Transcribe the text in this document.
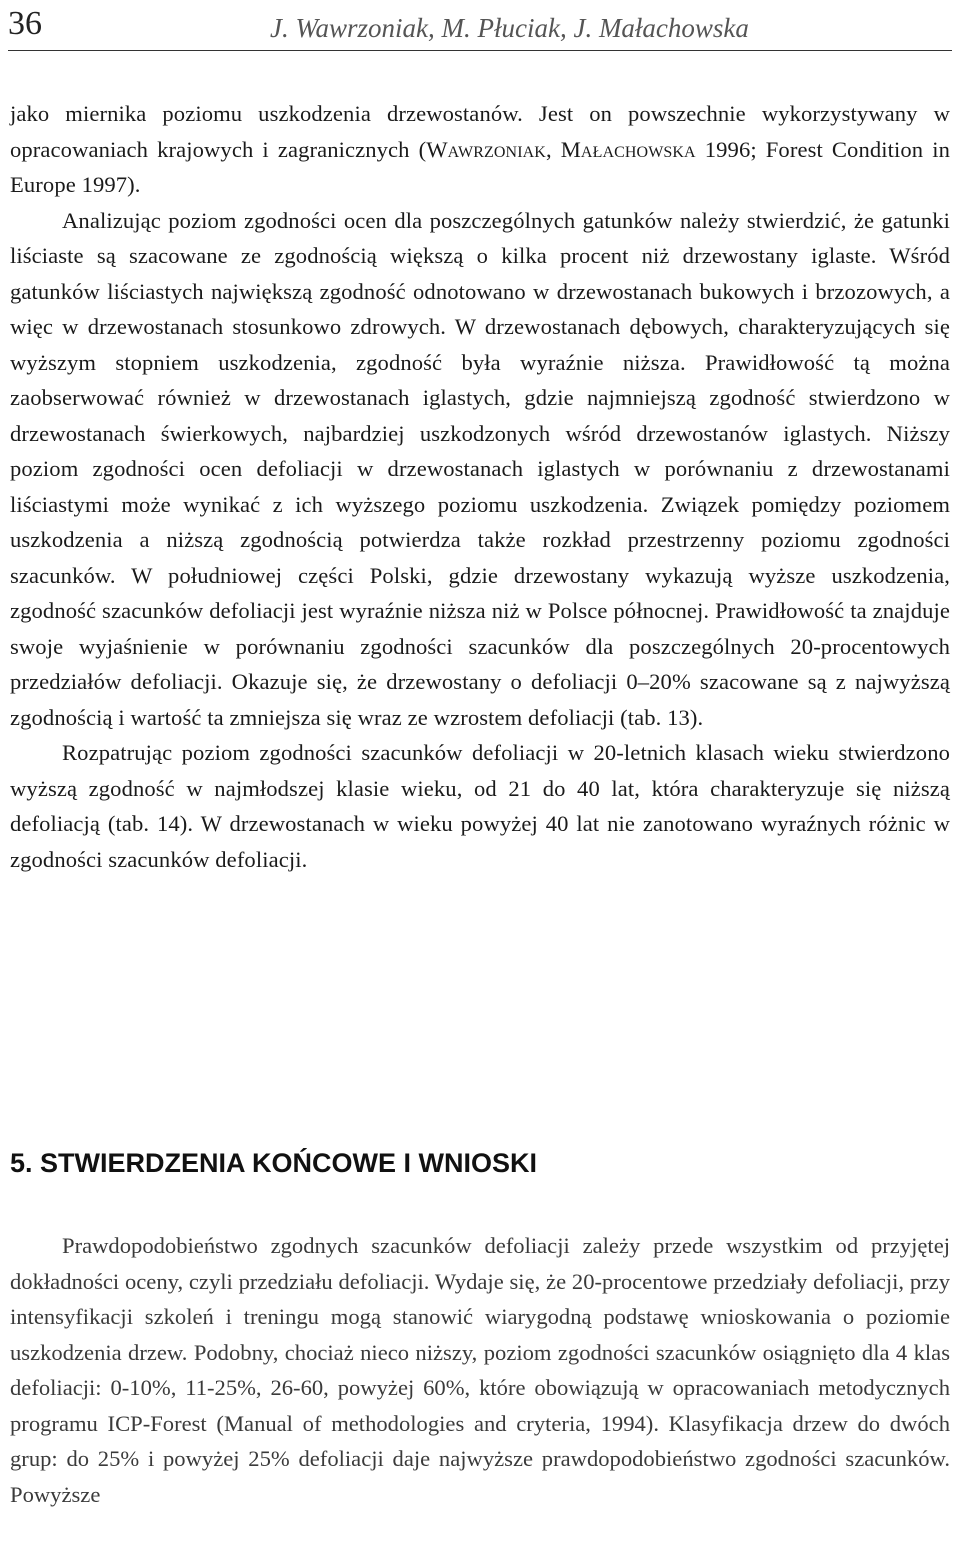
36	J. Wawrzoniak, M. Płuciak, J. Małachowska

jako miernika poziomu uszkodzenia drzewostanów. Jest on powszechnie wykorzystywany w opracowaniach krajowych i zagranicznych (Wawrzoniak, Małachowska 1996; Forest Condition in Europe 1997).

Analizując poziom zgodności ocen dla poszczególnych gatunków należy stwierdzić, że gatunki liściaste są szacowane ze zgodnością większą o kilka procent niż drzewostany iglaste. Wśród gatunków liściastych największą zgodność odnotowano w drzewostanach bukowych i brzozowych, a więc w drzewostanach stosunkowo zdrowych. W drzewostanach dębowych, charakteryzujących się wyższym stopniem uszkodzenia, zgodność była wyraźnie niższa. Prawidłowość tą można zaobserwować również w drzewostanach iglastych, gdzie najmniejszą zgodność stwierdzono w drzewostanach świerkowych, najbardziej uszkodzonych wśród drzewostanów iglastych. Niższy poziom zgodności ocen defoliacji w drzewostanach iglastych w porównaniu z drzewostanami liściastymi może wynikać z ich wyższego poziomu uszkodzenia. Związek pomiędzy poziomem uszkodzenia a niższą zgodnością potwierdza także rozkład przestrzenny poziomu zgodności szacunków. W południowej części Polski, gdzie drzewostany wykazują wyższe uszkodzenia, zgodność szacunków defoliacji jest wyraźnie niższa niż w Polsce północnej. Prawidłowość ta znajduje swoje wyjaśnienie w porównaniu zgodności szacunków dla poszczególnych 20-procentowych przedziałów defoliacji. Okazuje się, że drzewostany o defoliacji 0–20% szacowane są z najwyższą zgodnością i wartość ta zmniejsza się wraz ze wzrostem defoliacji (tab. 13).

Rozpatrując poziom zgodności szacunków defoliacji w 20-letnich klasach wieku stwierdzono wyższą zgodność w najmłodszej klasie wieku, od 21 do 40 lat, która charakteryzuje się niższą defoliacją (tab. 14). W drzewostanach w wieku powyżej 40 lat nie zanotowano wyraźnych różnic w zgodności szacunków defoliacji.

5. STWIERDZENIA KOŃCOWE I WNIOSKI

Prawdopodobieństwo zgodnych szacunków defoliacji zależy przede wszystkim od przyjętej dokładności oceny, czyli przedziału defoliacji. Wydaje się, że 20-procentowe przedziały defoliacji, przy intensyfikacji szkoleń i treningu mogą stanowić wiarygodną podstawę wnioskowania o poziomie uszkodzenia drzew. Podobny, chociaż nieco niższy, poziom zgodności szacunków osiągnięto dla 4 klas defoliacji: 0-10%, 11-25%, 26-60, powyżej 60%, które obowiązują w opracowaniach metodycznych programu ICP-Forest (Manual of methodologies and cryteria, 1994). Klasyfikacja drzew do dwóch grup: do 25% i powyżej 25% defoliacji daje najwyższe prawdopodobieństwo zgodności szacunków. Powyższe
